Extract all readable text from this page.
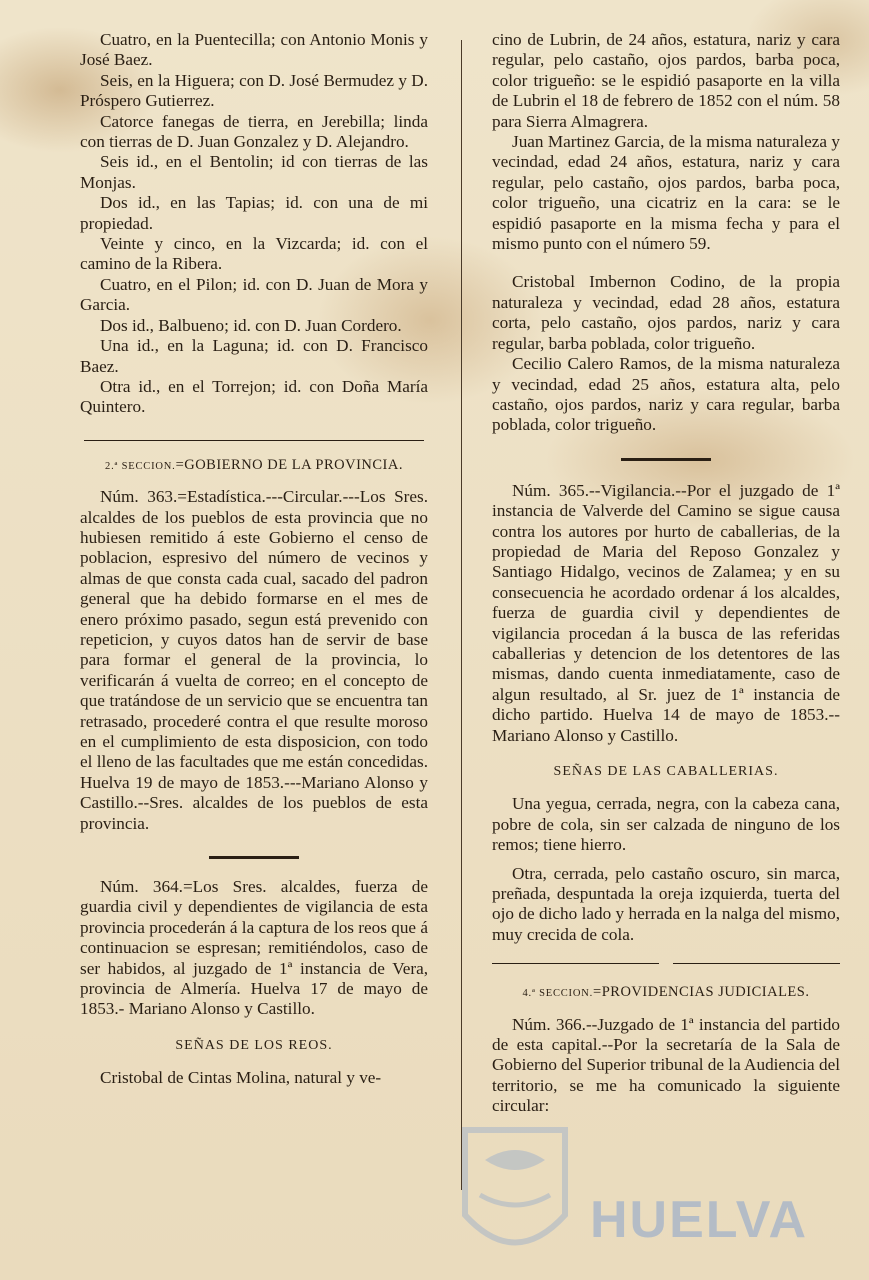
Cuatro, en la Puentecilla; con Antonio Monis y José Baez.

Seis, en la Higuera; con D. José Bermudez y D. Próspero Gutierrez.

Catorce fanegas de tierra, en Jerebilla; linda con tierras de D. Juan Gonzalez y D. Alejandro.

Seis id., en el Bentolin; id con tierras de las Monjas.

Dos id., en las Tapias; id. con una de mi propiedad.

Veinte y cinco, en la Vizcarda; id. con el camino de la Ribera.

Cuatro, en el Pilon; id. con D. Juan de Mora y Garcia.

Dos id., Balbueno; id. con D. Juan Cordero.

Una id., en la Laguna; id. con D. Francisco Baez.

Otra id., en el Torrejon; id. con Doña María Quintero.

2.ª SECCION.=GOBIERNO DE LA PROVINCIA.

Núm. 363.=Estadística.---Circular.---Los Sres. alcaldes de los pueblos de esta provincia que no hubiesen remitido á este Gobierno el censo de poblacion, espresivo del número de vecinos y almas de que consta cada cual, sacado del padron general que ha debido formarse en el mes de enero próximo pasado, segun está prevenido con repeticion, y cuyos datos han de servir de base para formar el general de la provincia, lo verificarán á vuelta de correo; en el concepto de que tratándose de un servicio que se encuentra tan retrasado, procederé contra el que resulte moroso en el cumplimiento de esta disposicion, con todo el lleno de las facultades que me están concedidas. Huelva 19 de mayo de 1853.---Mariano Alonso y Castillo.--Sres. alcaldes de los pueblos de esta provincia.

Núm. 364.=Los Sres. alcaldes, fuerza de guardia civil y dependientes de vigilancia de esta provincia procederán á la captura de los reos que á continuacion se espresan; remitiéndolos, caso de ser habidos, al juzgado de 1ª instancia de Vera, provincia de Almería. Huelva 17 de mayo de 1853.- Mariano Alonso y Castillo.

SEÑAS DE LOS REOS.

Cristobal de Cintas Molina, natural y ve-

cino de Lubrin, de 24 años, estatura, nariz y cara regular, pelo castaño, ojos pardos, barba poca, color trigueño: se le espidió pasaporte en la villa de Lubrin el 18 de febrero de 1852 con el núm. 58 para Sierra Almagrera.

Juan Martinez Garcia, de la misma naturaleza y vecindad, edad 24 años, estatura, nariz y cara regular, pelo castaño, ojos pardos, barba poca, color trigueño, una cicatriz en la cara: se le espidió pasaporte en la misma fecha y para el mismo punto con el número 59.

Cristobal Imbernon Codino, de la propia naturaleza y vecindad, edad 28 años, estatura corta, pelo castaño, ojos pardos, nariz y cara regular, barba poblada, color trigueño.

Cecilio Calero Ramos, de la misma naturaleza y vecindad, edad 25 años, estatura alta, pelo castaño, ojos pardos, nariz y cara regular, barba poblada, color trigueño.

Núm. 365.--Vigilancia.--Por el juzgado de 1ª instancia de Valverde del Camino se sigue causa contra los autores por hurto de caballerias, de la propiedad de Maria del Reposo Gonzalez y Santiago Hidalgo, vecinos de Zalamea; y en su consecuencia he acordado ordenar á los alcaldes, fuerza de guardia civil y dependientes de vigilancia procedan á la busca de las referidas caballerias y detencion de los detentores de las mismas, dando cuenta inmediatamente, caso de algun resultado, al Sr. juez de 1ª instancia de dicho partido. Huelva 14 de mayo de 1853.--Mariano Alonso y Castillo.

SEÑAS DE LAS CABALLERIAS.

Una yegua, cerrada, negra, con la cabeza cana, pobre de cola, sin ser calzada de ninguno de los remos; tiene hierro.

Otra, cerrada, pelo castaño oscuro, sin marca, preñada, despuntada la oreja izquierda, tuerta del ojo de dicho lado y herrada en la nalga del mismo, muy crecida de cola.

4.ª SECCION.=PROVIDENCIAS JUDICIALES.

Núm. 366.--Juzgado de 1ª instancia del partido de esta capital.--Por la secretaría de la Sala de Gobierno del Superior tribunal de la Audiencia del territorio, se me ha comunicado la siguiente circular:

HUELVA
